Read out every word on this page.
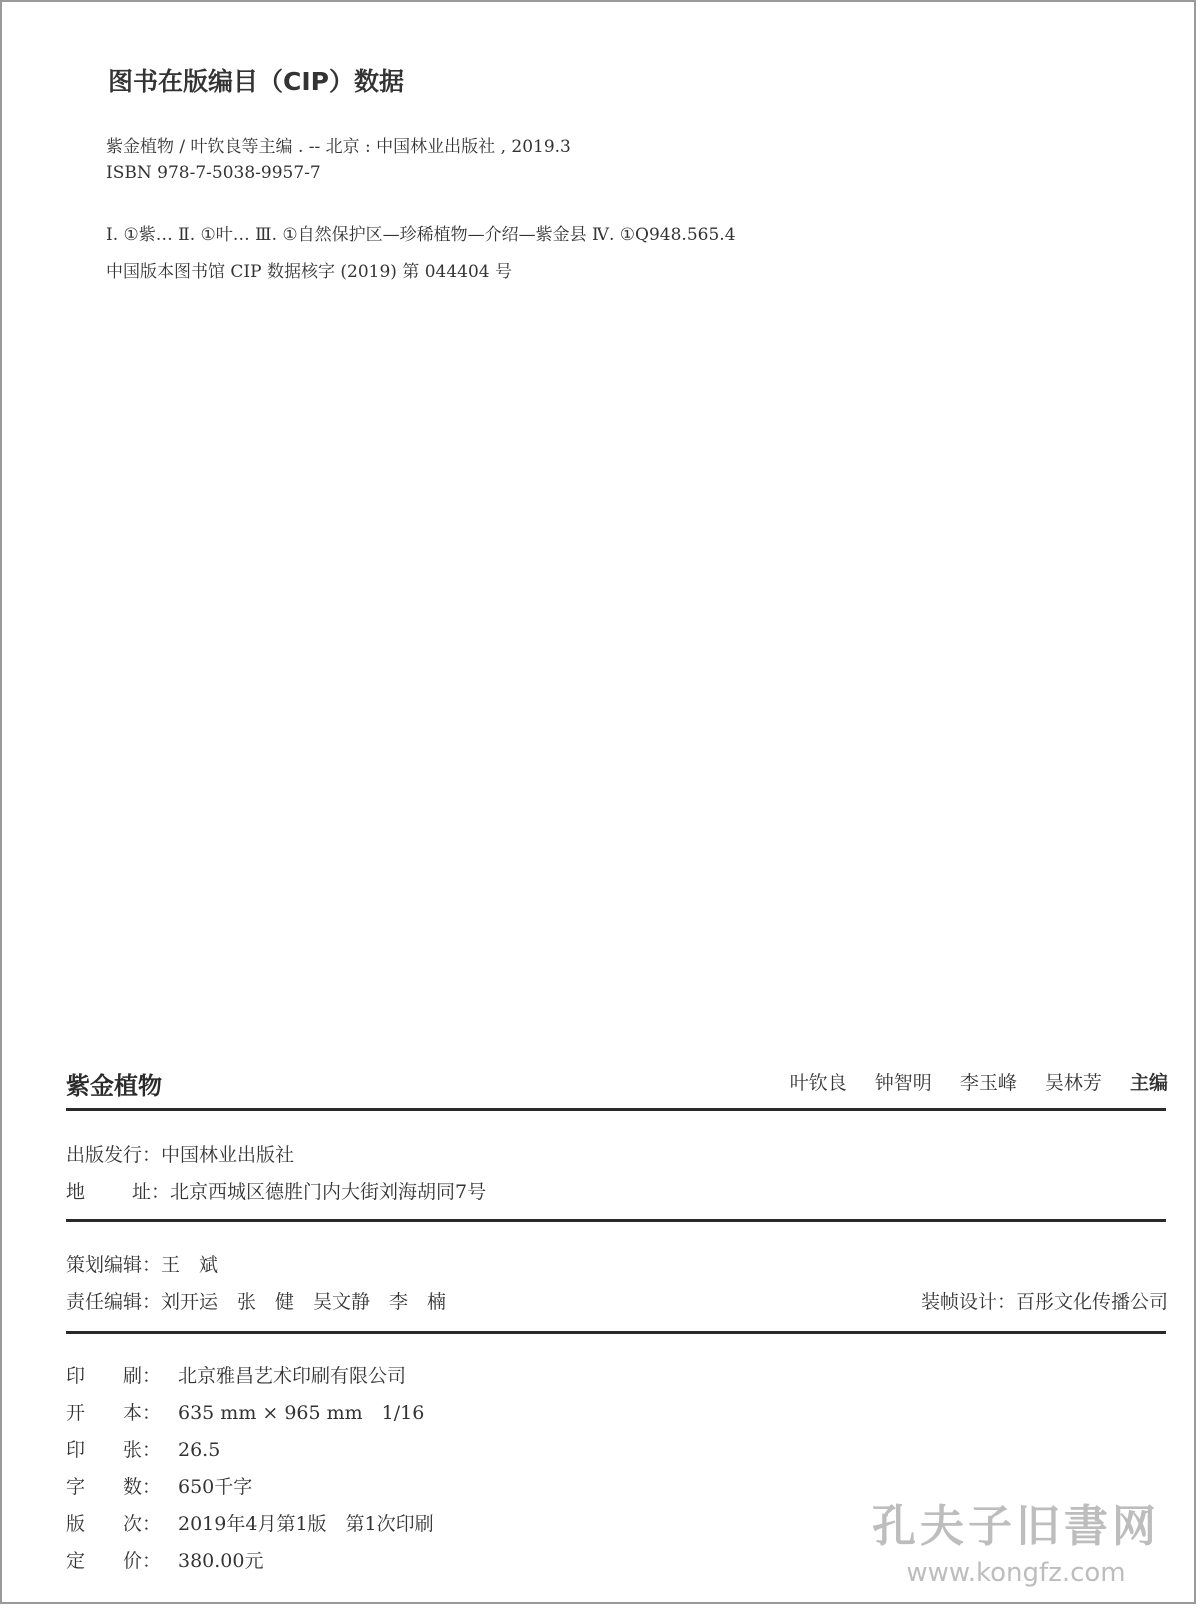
图书在版编目（CIP）数据
紫金植物 / 叶钦良等主编 . -- 北京 : 中国林业出版社 , 2019.3
ISBN 978-7-5038-9957-7
Ⅰ. ①紫… Ⅱ. ①叶… Ⅲ. ①自然保护区—珍稀植物—介绍—紫金县 Ⅳ. ①Q948.565.4
中国版本图书馆 CIP 数据核字 (2019) 第 044404 号
紫金植物	叶钦良 钟智明 李玉峰 吴林芳 主编
出版发行：中国林业出版社
地 址：北京西城区德胜门内大街刘海胡同7号
策划编辑：王　斌
责任编辑：刘开运　张　健　吴文静　李　楠	装帧设计：百彤文化传播公司
印　　刷： 北京雅昌艺术印刷有限公司
开　　本： 635 mm × 965 mm　1/16
印　　张： 26.5
字　　数： 650千字
版　　次： 2019年4月第1版　第1次印刷
定　　价： 380.00元
孔夫子旧書网
www.kongfz.com
